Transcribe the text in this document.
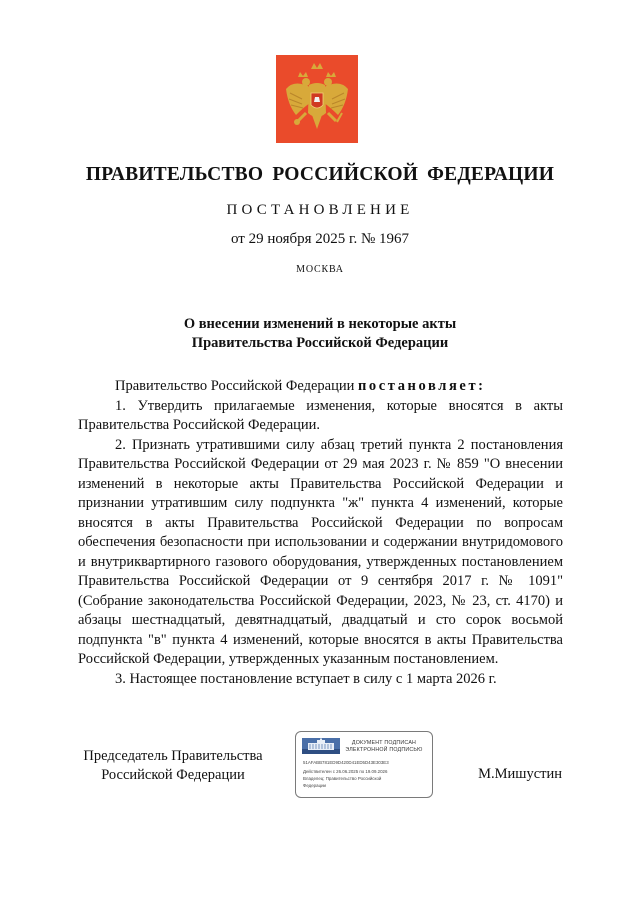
ПРАВИТЕЛЬСТВО РОССИЙСКОЙ ФЕДЕРАЦИИ
ПОСТАНОВЛЕНИЕ
от 29 ноября 2025 г. № 1967
МОСКВА
О внесении изменений в некоторые акты
Правительства Российской Федерации

Правительство Российской Федерации постановляет:

1. Утвердить прилагаемые изменения, которые вносятся в акты Правительства Российской Федерации.

2. Признать утратившими силу абзац третий пункта 2 постановления Правительства Российской Федерации от 29 мая 2023 г. № 859 "О внесении изменений в некоторые акты Правительства Российской Федерации и признании утратившим силу подпункта "ж" пункта 4 изменений, которые вносятся в акты Правительства Российской Федерации по вопросам обеспечения безопасности при использовании и содержании внутридомового и внутриквартирного газового оборудования, утвержденных постановлением Правительства Российской Федерации от 9 сентября 2017 г. № 1091" (Собрание законодательства Российской Федерации, 2023, № 23, ст. 4170) и абзацы шестнадцатый, девятнадцатый, двадцатый и сто сорок восьмой подпункта "в" пункта 4 изменений, которые вносятся в акты Правительства Российской Федерации, утвержденных указанным постановлением.

3. Настоящее постановление вступает в силу с 1 марта 2026 г.

Председатель Правительства
Российской Федерации
ДОКУМЕНТ ПОДПИСАН
ЭЛЕКТРОННОЙ ПОДПИСЬЮ
51AFABB781ED9D420D41ED5D43E303E3
Действителен с 26.06.2025 по 19.09.2026
Владелец: Правительство Российской
Федерации
М.Мишустин
